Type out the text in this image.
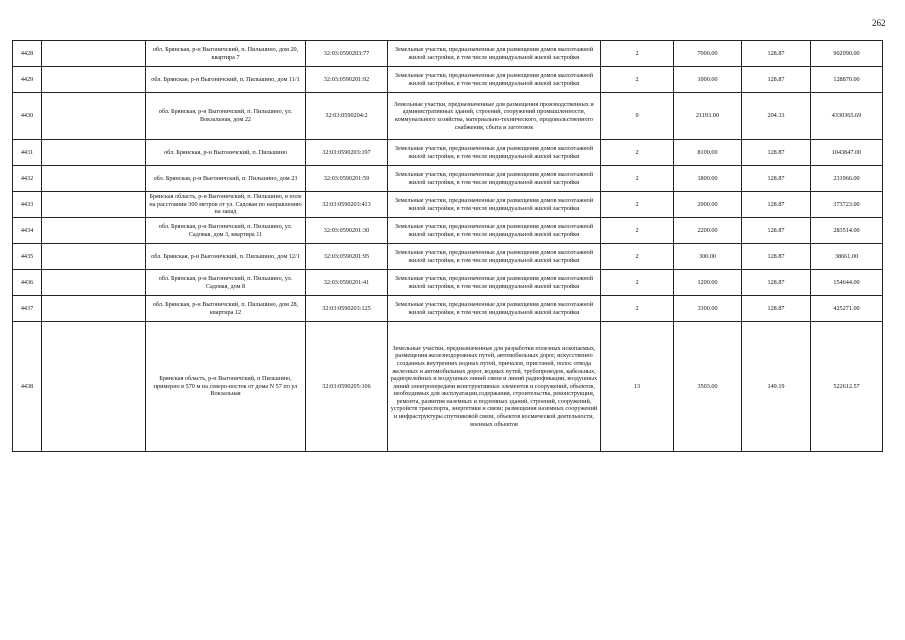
262
4428		обл. Брянская, р-н Выгоничский, п. Пильшино, дом 20, квартира 7	32:03:0590203:77	Земельные участки, предназначенные для размещения домов малоэтажной жилой застройки, в том числе индивидуальной жилой застройки	2	7000.00	128.87	902090.00
4429		обл. Брянская, р-н Выгоничский, п. Пильшино, дом 11/1	32:03:0590201:92	Земельные участки, предназначенные для размещения домов малоэтажной жилой застройки, в том числе индивидуальной жилой застройки	2	1000.00	128.87	128870.00
4430		обл. Брянская, р-н Выгоничский, п. Пильшино, ул. Вокзальная, дом 22	32:03:0590204:2	Земельные участки, предназначенные для размещения производственных и административных зданий, строений, сооружений промышленности, коммунального хозяйства, материально-технического, продовольственного снабжения, сбыта и заготовок	9	21193.00	204.33	4330365.69
4431		обл. Брянская, р-н Выгоничский, п. Пильшино	32:03:0590203:197	Земельные участки, предназначенные для размещения домов малоэтажной жилой застройки, в том числе индивидуальной жилой застройки	2	8100.00	128.87	1043847.00
4432		обл. Брянская, р-н Выгоничский, п. Пильшино, дом 23	32:03:0590201:59	Земельные участки, предназначенные для размещения домов малоэтажной жилой застройки, в том числе индивидуальной жилой застройки	2	1800.00	128.87	231966.00
4433		Брянская область, р-н Выгоничский, п. Пильшино, в поле на расстоянии 300 метров от ул. Садовая по направлению на запад	32:03:0590203:413	Земельные участки, предназначенные для размещения домов малоэтажной жилой застройки, в том числе индивидуальной жилой застройки	2	2900.00	128.87	373723.00
4434		обл. Брянская, р-н Выгоничский, п. Пильшино, ул. Садовая, дом 3, квартира 11	32:03:0590201:30	Земельные участки, предназначенные для размещения домов малоэтажной жилой застройки, в том числе индивидуальной жилой застройки	2	2200.00	128.87	283514.00
4435		обл. Брянская, р-н Выгоничский, п. Пильшино, дом 12/1	32:03:0590201:95	Земельные участки, предназначенные для размещения домов малоэтажной жилой застройки, в том числе индивидуальной жилой застройки	2	300.00	128.87	38661.00
4436		обл. Брянская, р-н Выгоничский, п. Пильшино, ул. Садовая, дом 8	32:03:0590201:41	Земельные участки, предназначенные для размещения домов малоэтажной жилой застройки, в том числе индивидуальной жилой застройки	2	1200.00	128.87	154644.00
4437		обл. Брянская, р-н Выгоничский, п. Пильшино, дом 28, квартира 12	32:03:0590203:125	Земельные участки, предназначенные для размещения домов малоэтажной жилой застройки, в том числе индивидуальной жилой застройки	2	3300.00	128.87	425271.00
4438		Брянская область, р-н Выгоничский, п Пильшино, примерно в 570 м на северо-восток от дома N 57 по ул Вокзальная	32:03:0590205:106	Земельные участки, предназначенные для разработки полезных ископаемых, размещения железнодорожных путей, автомобильных дорог, искусственно созданных внутренних водных путей, причалов, пристаней, полос отвода железных и автомобильных дорог, водных путей, трубопроводов, кабельных, радиорелейных и воздушных линий связи и линий радиофикации, воздушных линий электропередачи конструктивных элементов и сооружений, объектов, необходимых для эксплуатации,содержания, строительства, реконструкции, ремонта, развития наземных и подземных зданий, строений, сооружений, устройств транспорта, энергетики и связи; размещения наземных сооружений и инфраструктуры спутниковой связи, объектов космической деятельности, военных объектов	13	3503.00	149.19	522612.57
